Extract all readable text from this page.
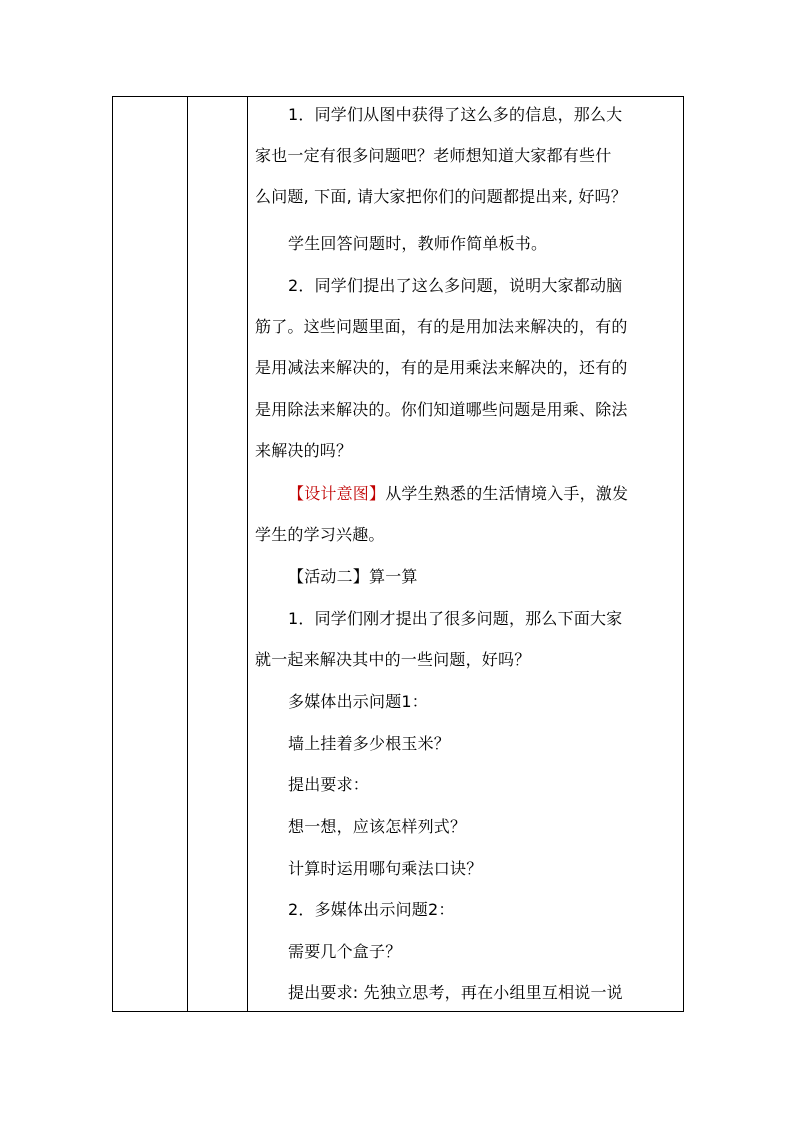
1．同学们从图中获得了这么多的信息，那么大
家也一定有很多问题吧？老师想知道大家都有些什
么问题, 下面, 请大家把你们的问题都提出来, 好吗？
学生回答问题时，教师作简单板书。
2．同学们提出了这么多问题，说明大家都动脑
筋了。这些问题里面，有的是用加法来解决的，有的
是用减法来解决的，有的是用乘法来解决的，还有的
是用除法来解决的。你们知道哪些问题是用乘、除法
来解决的吗？
【设计意图】从学生熟悉的生活情境入手，激发
学生的学习兴趣。
【活动二】算一算
1．同学们刚才提出了很多问题，那么下面大家
就一起来解决其中的一些问题，好吗？
多媒体出示问题1：
墙上挂着多少根玉米？
提出要求：
想一想，应该怎样列式？
计算时运用哪句乘法口诀？
2．多媒体出示问题2：
需要几个盒子？
提出要求: 先独立思考，再在小组里互相说一说
